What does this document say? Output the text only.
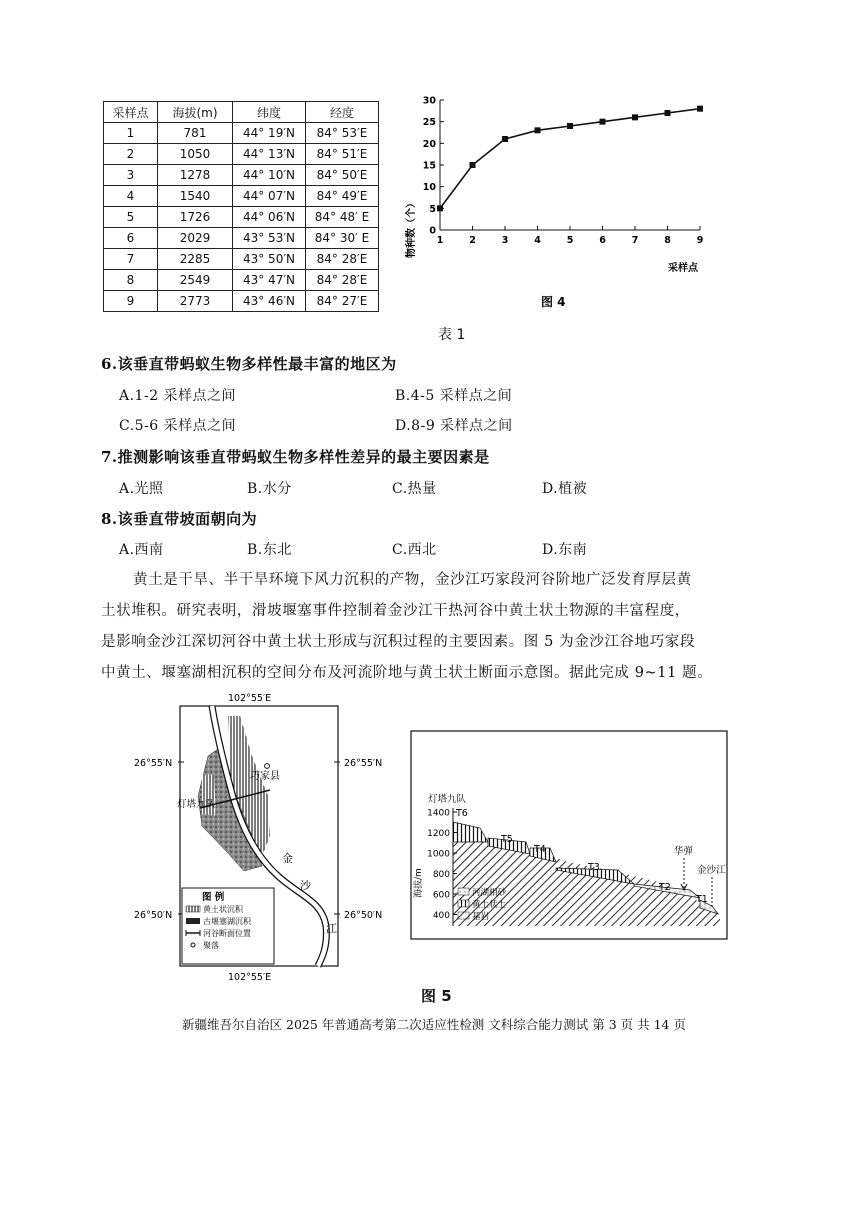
采样点	海拔(m)	纬度	经度
1	781	44° 19′N	84° 53′E
2	1050	44° 13′N	84° 51′E
3	1278	44° 10′N	84° 50′E
4	1540	44° 07′N	84° 49′E
5	1726	44° 06′N	84° 48′ E
6	2029	43° 53′N	84° 30′ E
7	2285	43° 50′N	84° 28′E
8	2549	43° 47′N	84° 28′E
9	2773	43° 46′N	84° 27′E
表 1
0
5
10
15
20
25
30
1	2	3	4	5	6	7	8	9
物种数（个）
采样点
图 4
6.该垂直带蚂蚁生物多样性最丰富的地区为
A.1-2 采样点之间	B.4-5 采样点之间
C.5-6 采样点之间	D.8-9 采样点之间
7.推测影响该垂直带蚂蚁生物多样性差异的最主要因素是
A.光照	B.水分	C.热量	D.植被
8.该垂直带坡面朝向为
A.西南	B.东北	C.西北	D.东南
黄土是干旱、半干旱环境下风力沉积的产物，金沙江巧家段河谷阶地广泛发育厚层黄
土状堆积。研究表明，滑坡堰塞事件控制着金沙江干热河谷中黄土状土物源的丰富程度，
是影响金沙江深切河谷中黄土状土形成与沉积过程的主要因素。图 5 为金沙江谷地巧家段
中黄土、堰塞湖相沉积的空间分布及河流阶地与黄土状土断面示意图。据此完成 9~11 题。
巧家县
灯塔九队
金
沙
江
102°55′E
102°55′E
26°55′N	26°55′N
26°50′N	26°50′N
图 例
黄土状沉积
古堰塞湖沉积
河谷断面位置
聚落
1400
1200
1000
800
600
400
海拔/m
灯塔九队
T6
T5
T4
T3
T2
T1
华弹
金沙江
河湖相砂
黄土状土
基岩
图 5
新疆维吾尔自治区 2025 年普通高考第二次适应性检测 文科综合能力测试 第 3 页 共 14 页
